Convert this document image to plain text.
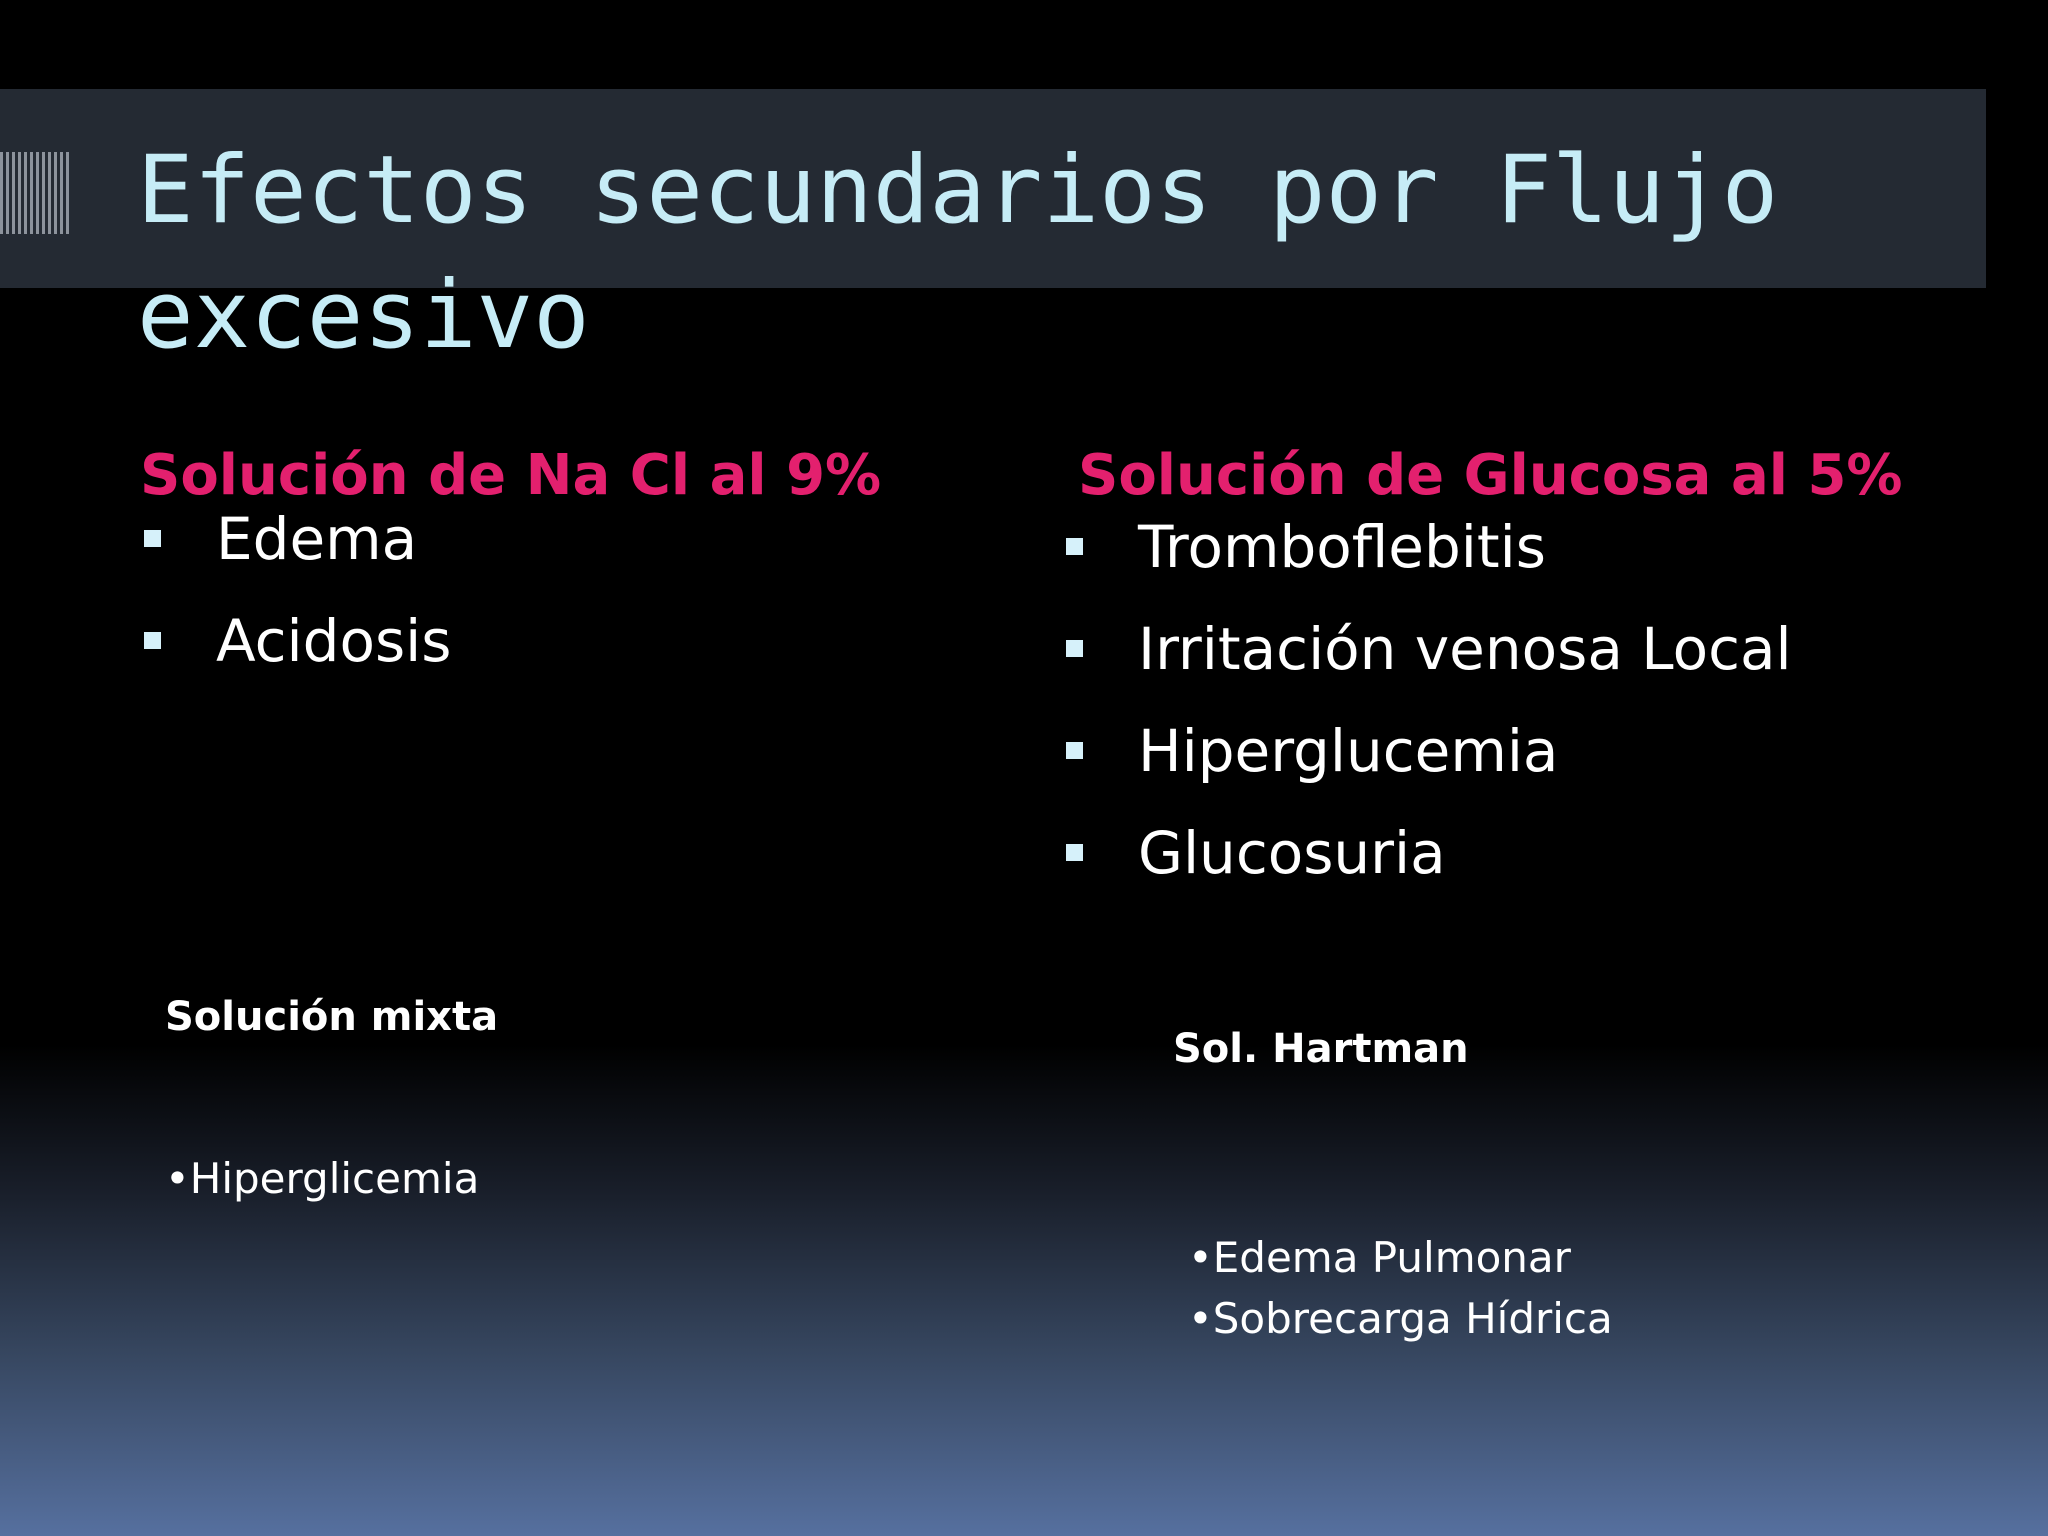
Efectos secundarios por Flujo excesivo
Solución de Na Cl al 9%
Edema
Acidosis
Solución de Glucosa al 5%
Tromboflebitis
Irritación venosa Local
Hiperglucemia
Glucosuria
Solución mixta

•Hiperglicemia

Sol. Hartman

•Edema Pulmonar

•Sobrecarga Hídrica
